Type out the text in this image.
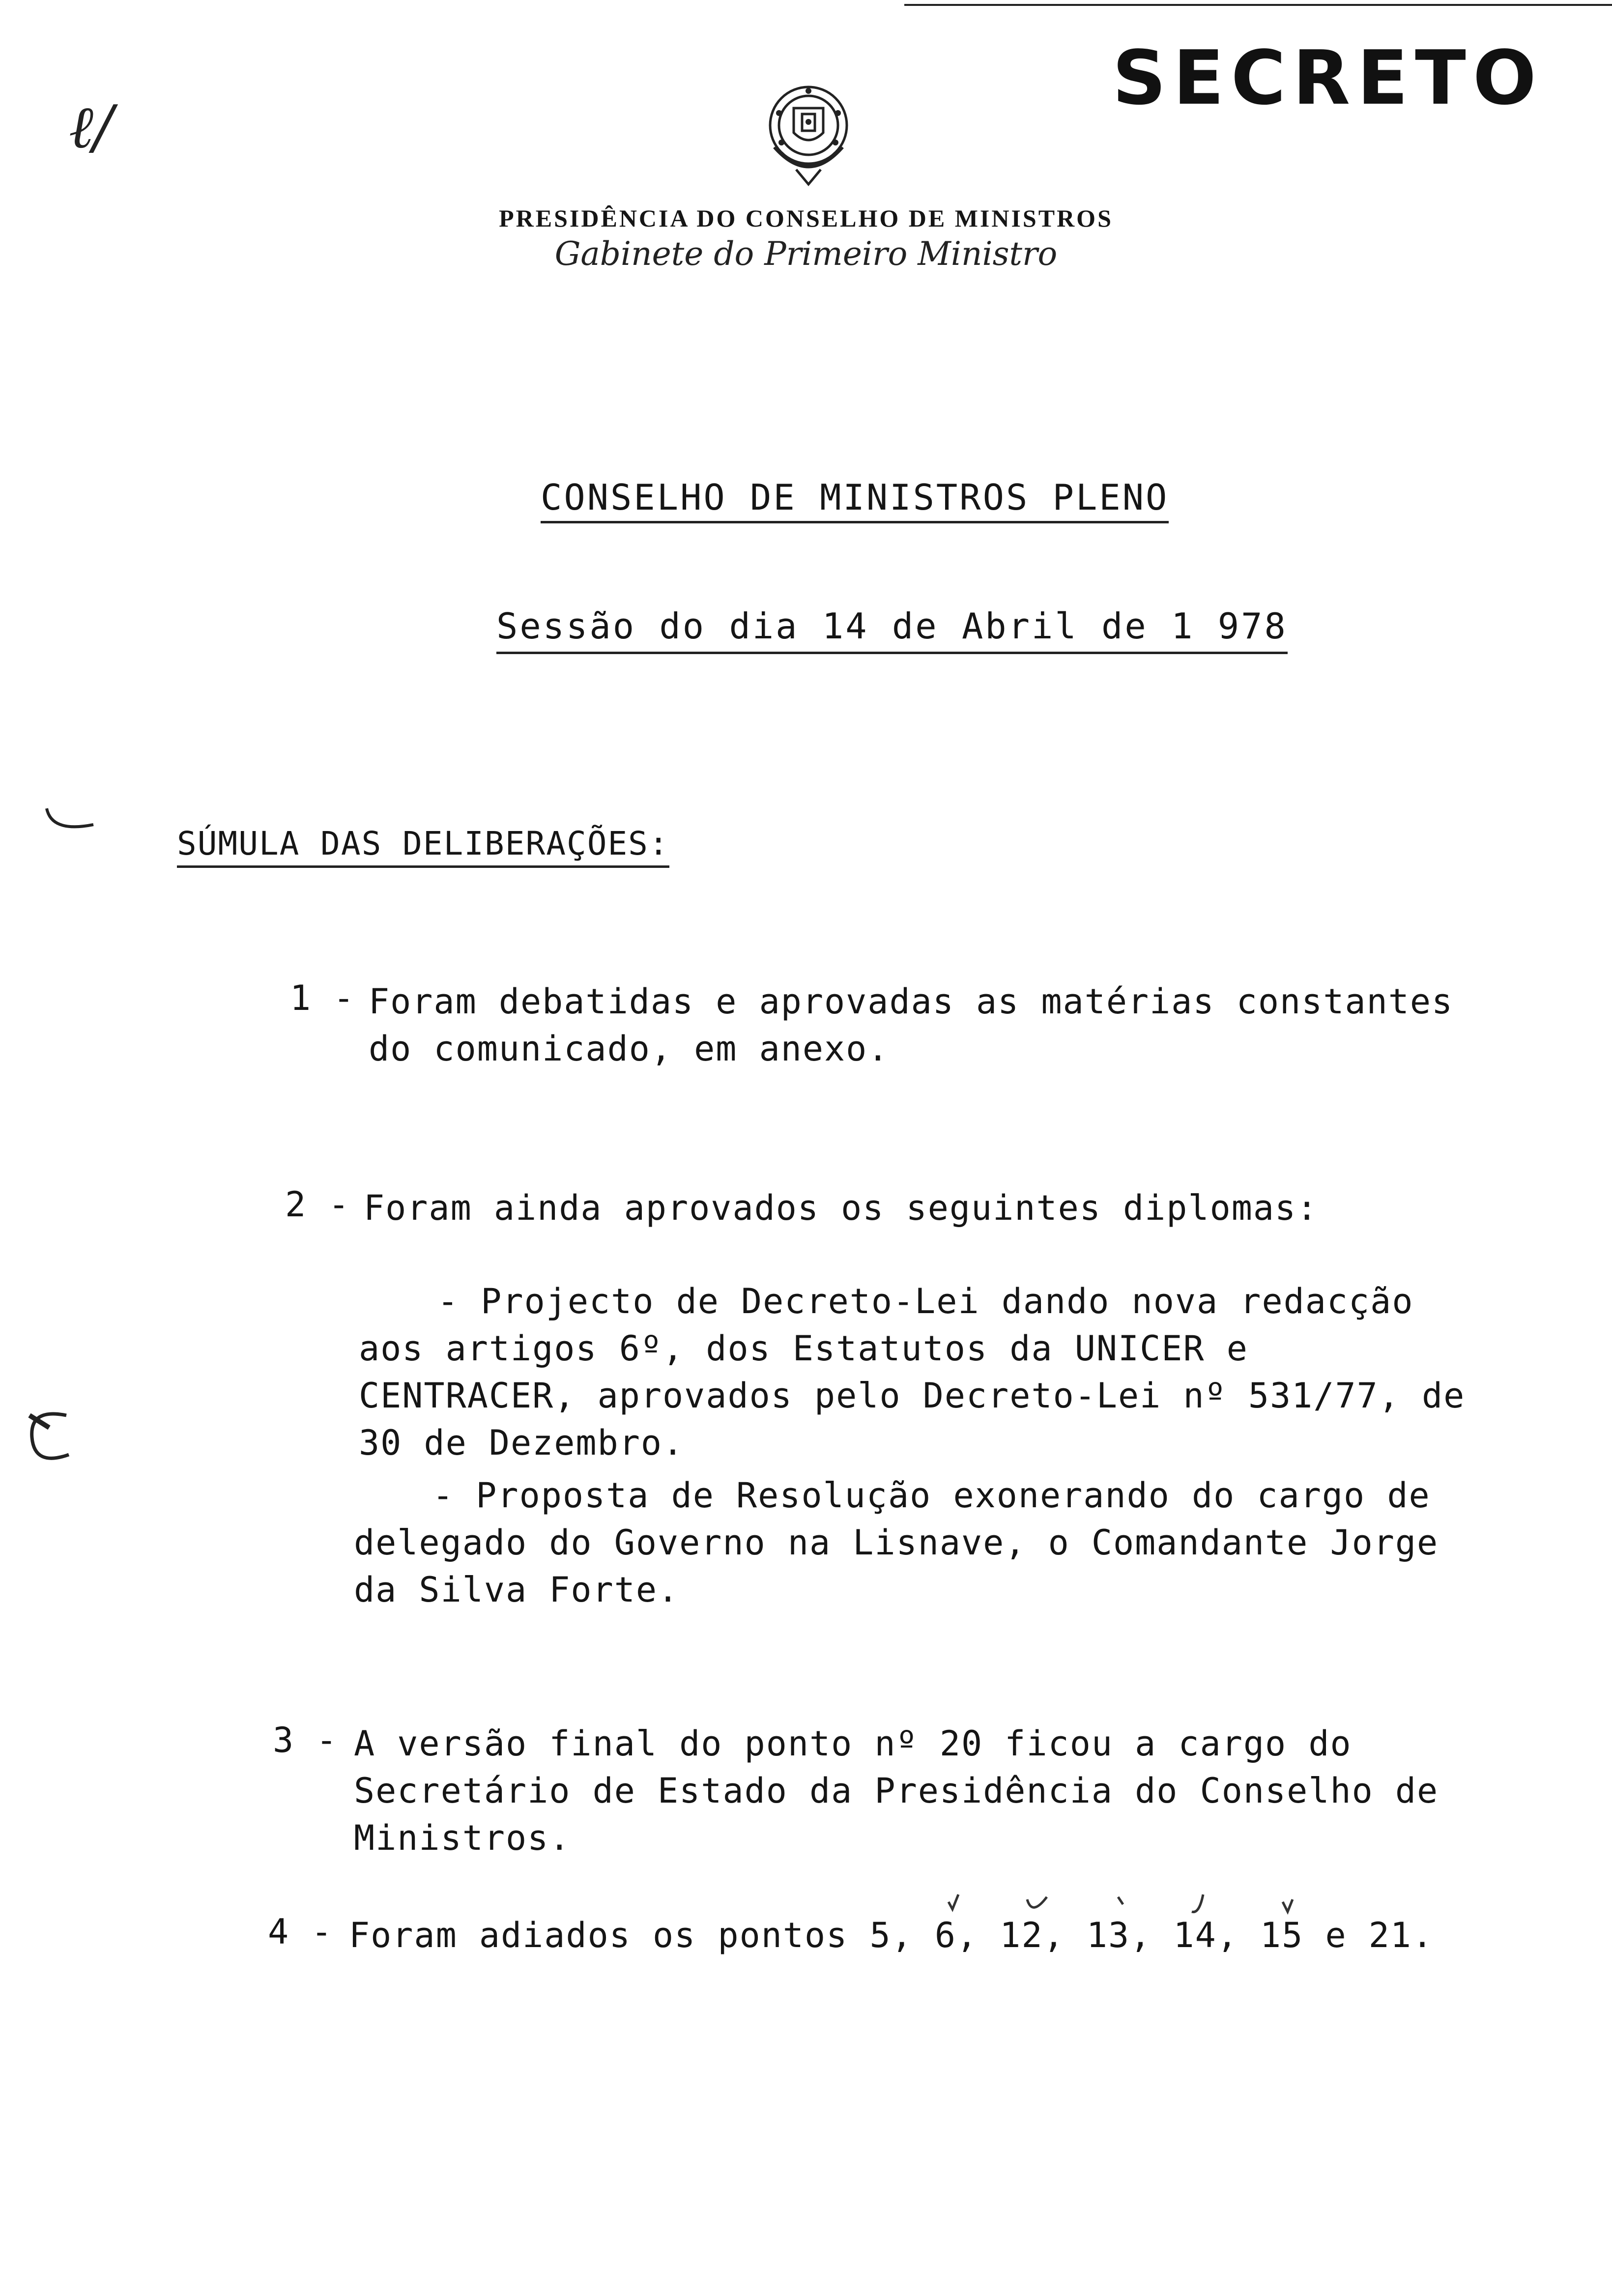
SECRETO
ℓ/
PRESIDÊNCIA DO CONSELHO DE MINISTROS
Gabinete do Primeiro Ministro
CONSELHO DE MINISTROS PLENO
Sessão do dia 14 de Abril de 1 978
SÚMULA DAS DELIBERAÇÕES:
1 - Foram debatidas e aprovadas as matérias constantes do comunicado, em anexo.
2 - Foram ainda aprovados os seguintes diplomas:
- Projecto de Decreto-Lei dando nova redacção aos artigos 6º, dos Estatutos da UNICER e CENTRACER, aprovados pelo Decreto-Lei nº 531/77, de 30 de Dezembro.
- Proposta de Resolução exonerando do cargo de delegado do Governo na Lisnave, o Comandante Jorge da Silva Forte.
3 - A versão final do ponto nº 20 ficou a cargo do Secretário de Estado da Presidência do Conselho de Ministros.
4 - Foram adiados os pontos 5, 6, 12, 13, 14, 15 e 21.
